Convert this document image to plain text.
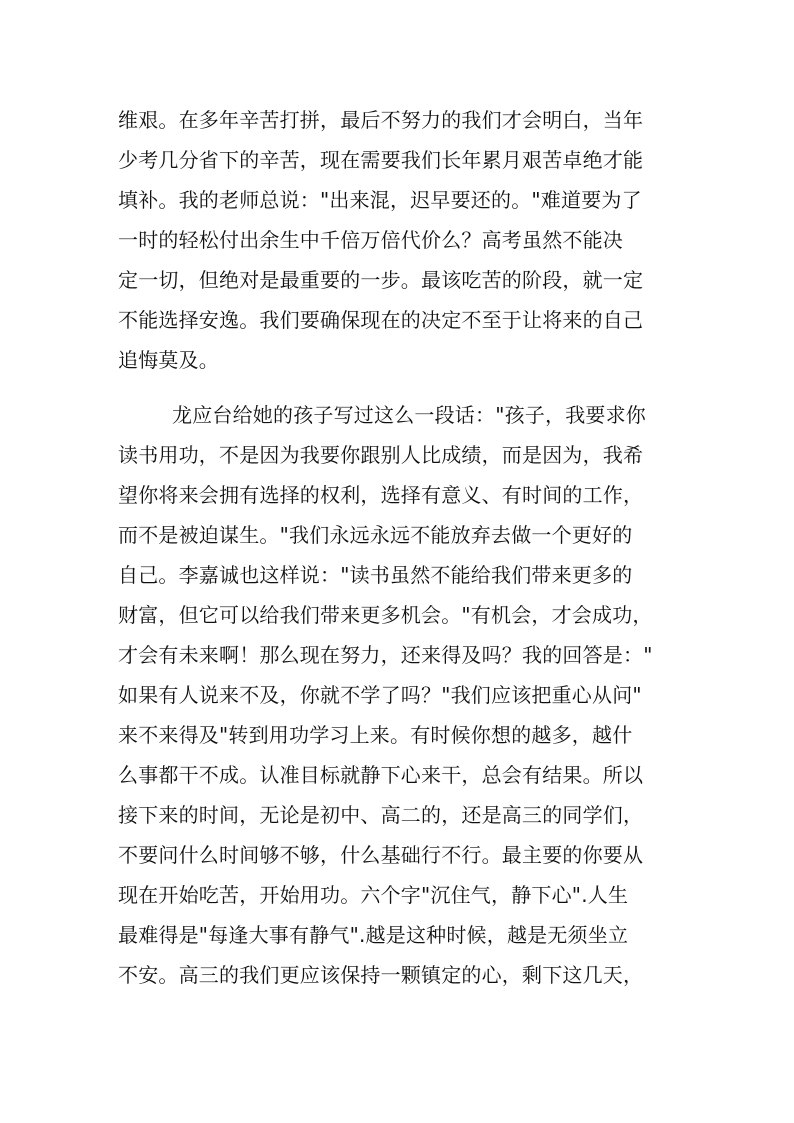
维艰。在多年辛苦打拼，最后不努力的我们才会明白，当年
少考几分省下的辛苦，现在需要我们长年累月艰苦卓绝才能
填补。我的老师总说："出来混，迟早要还的。"难道要为了
一时的轻松付出余生中千倍万倍代价么？高考虽然不能决
定一切，但绝对是最重要的一步。最该吃苦的阶段，就一定
不能选择安逸。我们要确保现在的决定不至于让将来的自己
追悔莫及。
龙应台给她的孩子写过这么一段话："孩子，我要求你
读书用功，不是因为我要你跟别人比成绩，而是因为，我希
望你将来会拥有选择的权利，选择有意义、有时间的工作，
而不是被迫谋生。"我们永远永远不能放弃去做一个更好的
自己。李嘉诚也这样说："读书虽然不能给我们带来更多的
财富，但它可以给我们带来更多机会。"有机会，才会成功，
才会有未来啊！那么现在努力，还来得及吗？我的回答是："
如果有人说来不及，你就不学了吗？"我们应该把重心从问"
来不来得及"转到用功学习上来。有时候你想的越多，越什
么事都干不成。认准目标就静下心来干，总会有结果。所以
接下来的时间，无论是初中、高二的，还是高三的同学们，
不要问什么时间够不够，什么基础行不行。最主要的你要从
现在开始吃苦，开始用功。六个字"沉住气，静下心".人生
最难得是"每逢大事有静气".越是这种时候，越是无须坐立
不安。高三的我们更应该保持一颗镇定的心，剩下这几天，
